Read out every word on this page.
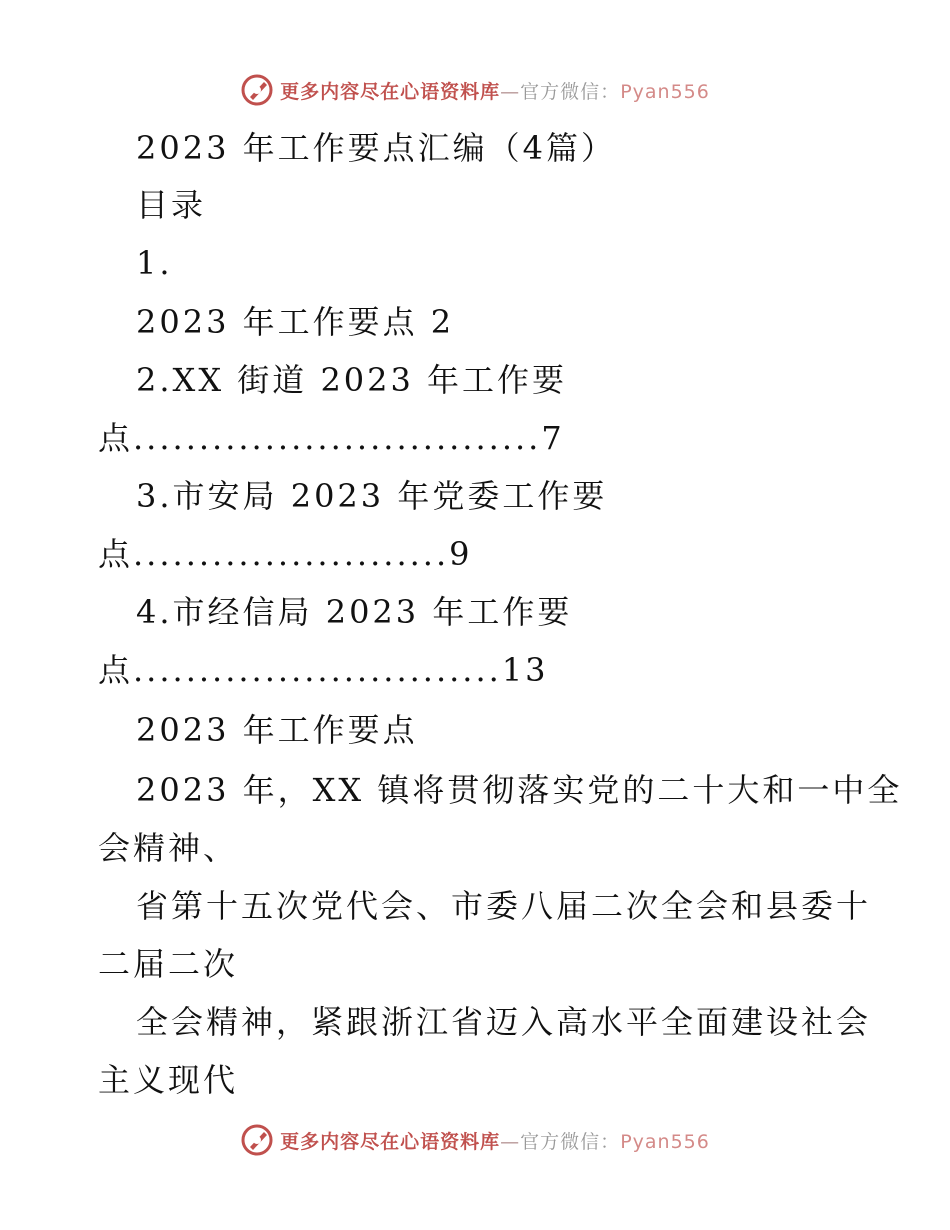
更多内容尽在心语资料库—官方微信：Pyan556
2023 年工作要点汇编（4篇）
目录
1.
2023 年工作要点 2
2.XX 街道 2023 年工作要
点...............................7
3.市安局 2023 年党委工作要
点........................9
4.市经信局 2023 年工作要
点............................13
2023 年工作要点
2023 年，XX 镇将贯彻落实党的二十大和一中全
会精神、
省第十五次党代会、市委八届二次全会和县委十
二届二次
全会精神，紧跟浙江省迈入高水平全面建设社会
主义现代
更多内容尽在心语资料库—官方微信：Pyan556
